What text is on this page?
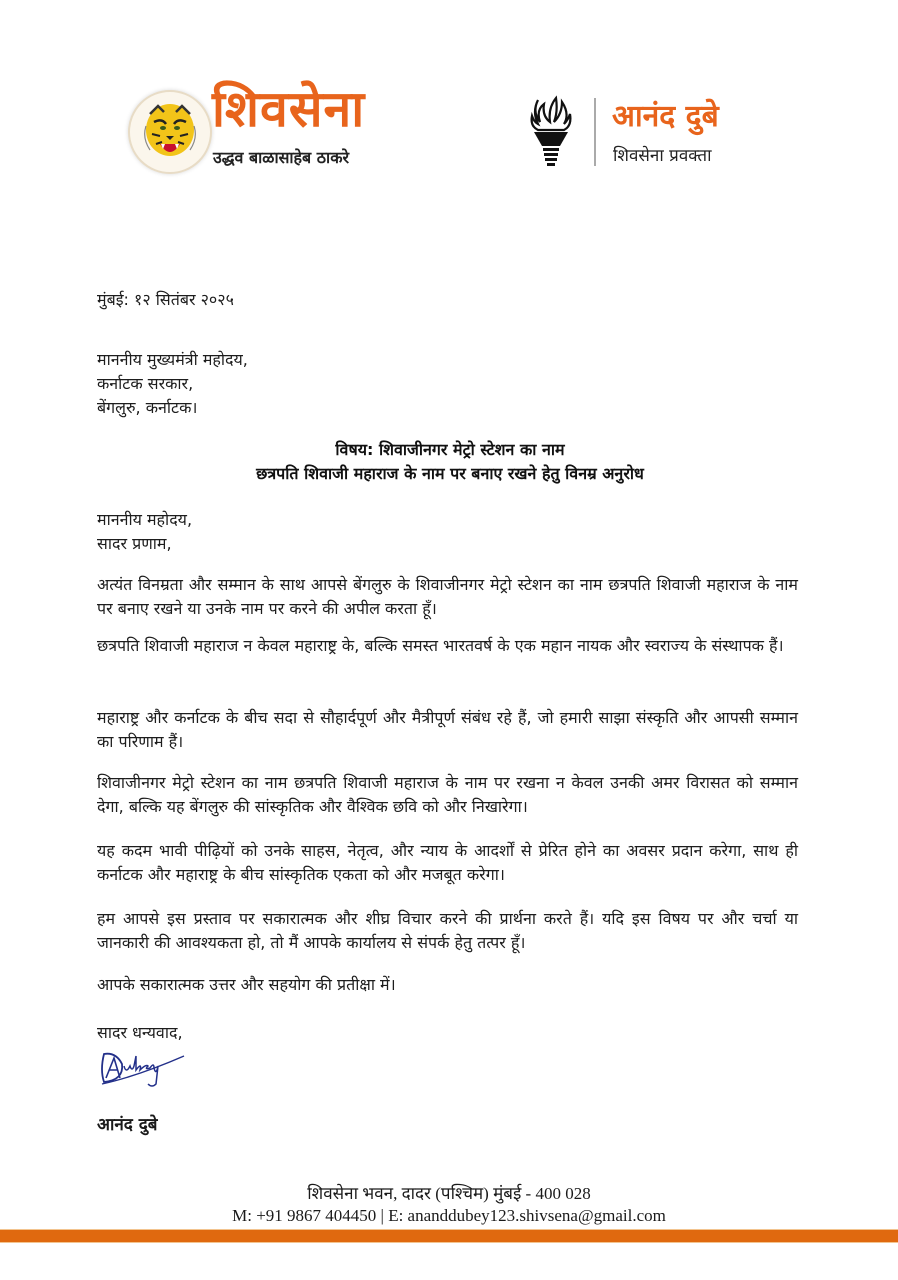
शिवसेना
उद्धव बाळासाहेब ठाकरे
आनंद दुबे
शिवसेना प्रवक्ता
मुंबई: १२ सितंबर २०२५
माननीय मुख्यमंत्री महोदय,
कर्नाटक सरकार,
बेंगलुरु, कर्नाटक।
विषय: शिवाजीनगर मेट्रो स्टेशन का नाम
छत्रपति शिवाजी महाराज के नाम पर बनाए रखने हेतु विनम्र अनुरोध
माननीय महोदय,
सादर प्रणाम,
अत्यंत विनम्रता और सम्मान के साथ आपसे बेंगलुरु के शिवाजीनगर मेट्रो स्टेशन का नाम छत्रपति शिवाजी महाराज के नाम पर बनाए रखने या उनके नाम पर करने की अपील करता हूँ।
छत्रपति शिवाजी महाराज न केवल महाराष्ट्र के, बल्कि समस्त भारतवर्ष के एक महान नायक और स्वराज्य के संस्थापक हैं।
महाराष्ट्र और कर्नाटक के बीच सदा से सौहार्दपूर्ण और मैत्रीपूर्ण संबंध रहे हैं, जो हमारी साझा संस्कृति और आपसी सम्मान का परिणाम हैं।
शिवाजीनगर मेट्रो स्टेशन का नाम छत्रपति शिवाजी महाराज के नाम पर रखना न केवल उनकी अमर विरासत को सम्मान देगा, बल्कि यह बेंगलुरु की सांस्कृतिक और वैश्विक छवि को और निखारेगा।
यह कदम भावी पीढ़ियों को उनके साहस, नेतृत्व, और न्याय के आदर्शों से प्रेरित होने का अवसर प्रदान करेगा, साथ ही कर्नाटक और महाराष्ट्र के बीच सांस्कृतिक एकता को और मजबूत करेगा।
हम आपसे इस प्रस्ताव पर सकारात्मक और शीघ्र विचार करने की प्रार्थना करते हैं। यदि इस विषय पर और चर्चा या जानकारी की आवश्यकता हो, तो मैं आपके कार्यालय से संपर्क हेतु तत्पर हूँ।
आपके सकारात्मक उत्तर और सहयोग की प्रतीक्षा में।
सादर धन्यवाद,
आनंद दुबे
शिवसेना भवन, दादर (पश्चिम) मुंबई - 400 028
M: +91 9867 404450 | E: ananddubey123.shivsena@gmail.com
